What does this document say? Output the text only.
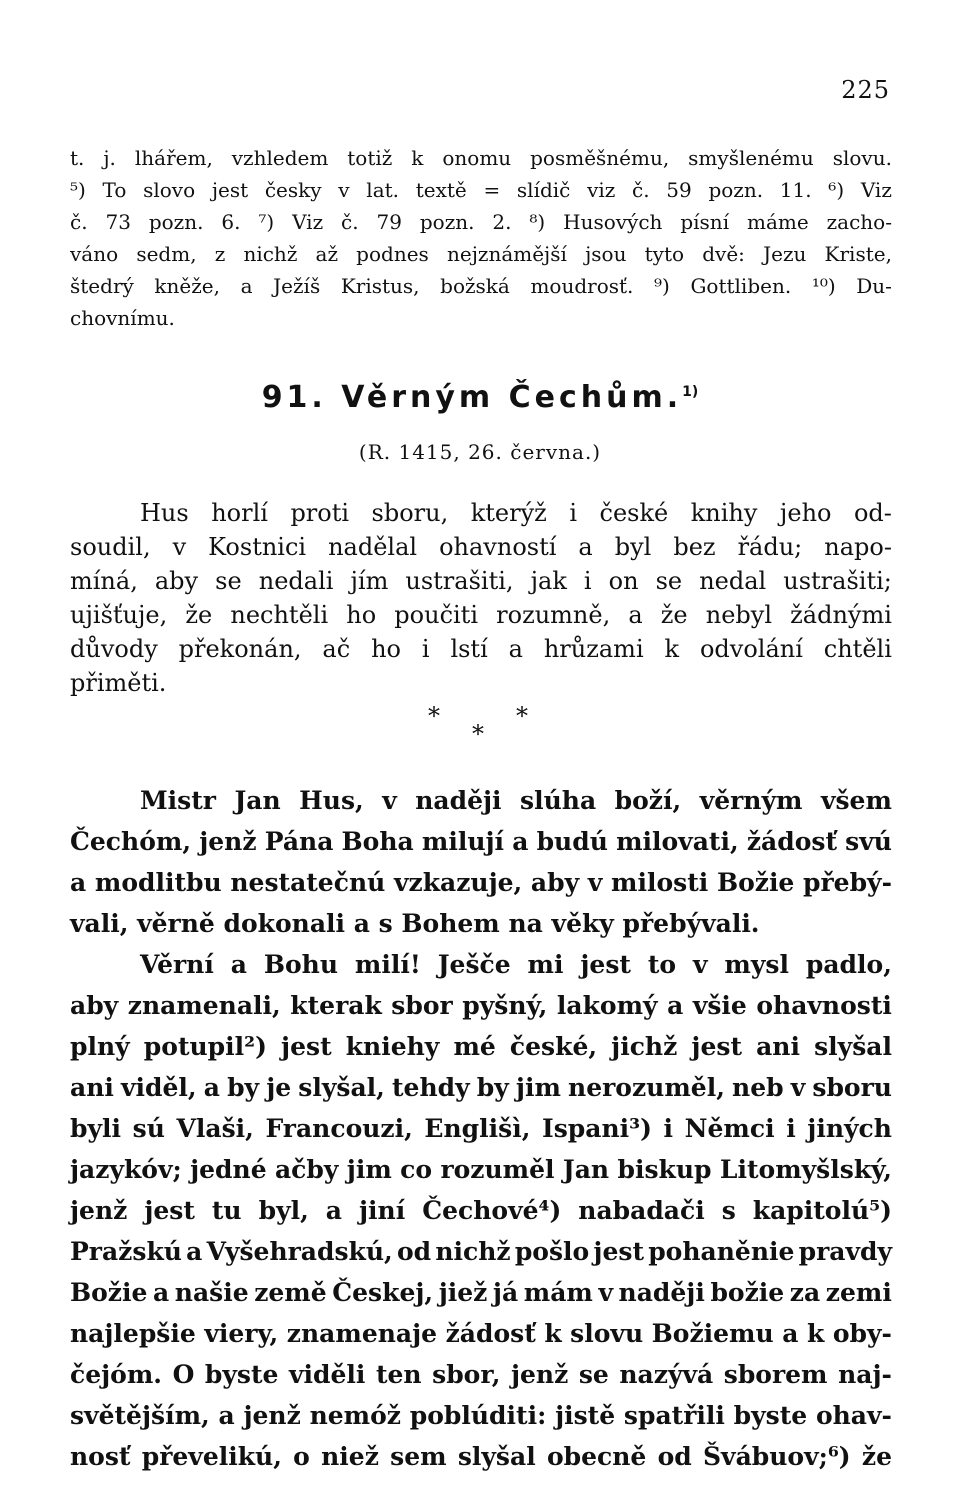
225
t. j. lhářem, vzhledem totiž k onomu posměšnému, smyšlenému slovu.
⁵) To slovo jest česky v lat. textě = slídič viz č. 59 pozn. 11. ⁶) Viz
č. 73 pozn. 6. ⁷) Viz č. 79 pozn. 2. ⁸) Husových písní máme zacho-
váno sedm, z nichž až podnes nejznámější jsou tyto dvě: Jezu Kriste,
štedrý kněže, a Ježíš Kristus, božská moudrosť. ⁹) Gottliben. ¹⁰) Du-
chovnímu.
91. Věrným Čechům.$^{1)}$
(R. 1415, 26. června.)
Hus horlí proti sboru, kterýž i české knihy jeho od-
soudil, v Kostnici nadělal ohavností a byl bez řádu; napo-
míná, aby se nedali jím ustrašiti, jak i on se nedal ustrašiti;
ujišťuje, že nechtěli ho poučiti rozumně, a že nebyl žádnými
důvody překonán, ač ho i lstí a hrůzami k odvolání chtěli
přiměti.
*	*
*
Mistr Jan Hus, v naději slúha boží, věrným všem
Čechóm, jenž Pána Boha milují a budú milovati, žádosť svú
a modlitbu nestatečnú vzkazuje, aby v milosti Božie přebý-
vali, věrně dokonali a s Bohem na věky přebývali.
Věrní a Bohu milí! Ješče mi jest to v mysl padlo,
aby znamenali, kterak sbor pyšný, lakomý a všie ohavnosti
plný potupil²) jest kniehy mé české, jichž jest ani slyšal
ani viděl, a by je slyšal, tehdy by jim nerozuměl, neb v sboru
byli sú Vlaši, Francouzi, Englišì, Ispani³) i Němci i jiných
jazykóv; jedné ačby jim co rozuměl Jan biskup Litomyšlský,
jenž jest tu byl, a jiní Čechové⁴) nabadači s kapitolú⁵)
Pražskú a Vyšehradskú, od nichž pošlo jest pohaněnie pravdy
Božie a našie země Českej, jiež já mám v naději božie za zemi
najlepšie viery, znamenaje žádosť k slovu Božiemu a k oby-
čejóm. O byste viděli ten sbor, jenž se nazývá sborem naj-
světějším, a jenž nemóž poblúditi: jistě spatřili byste ohav-
nosť převelikú, o niež sem slyšal obecně od Švábuov;⁶) že
